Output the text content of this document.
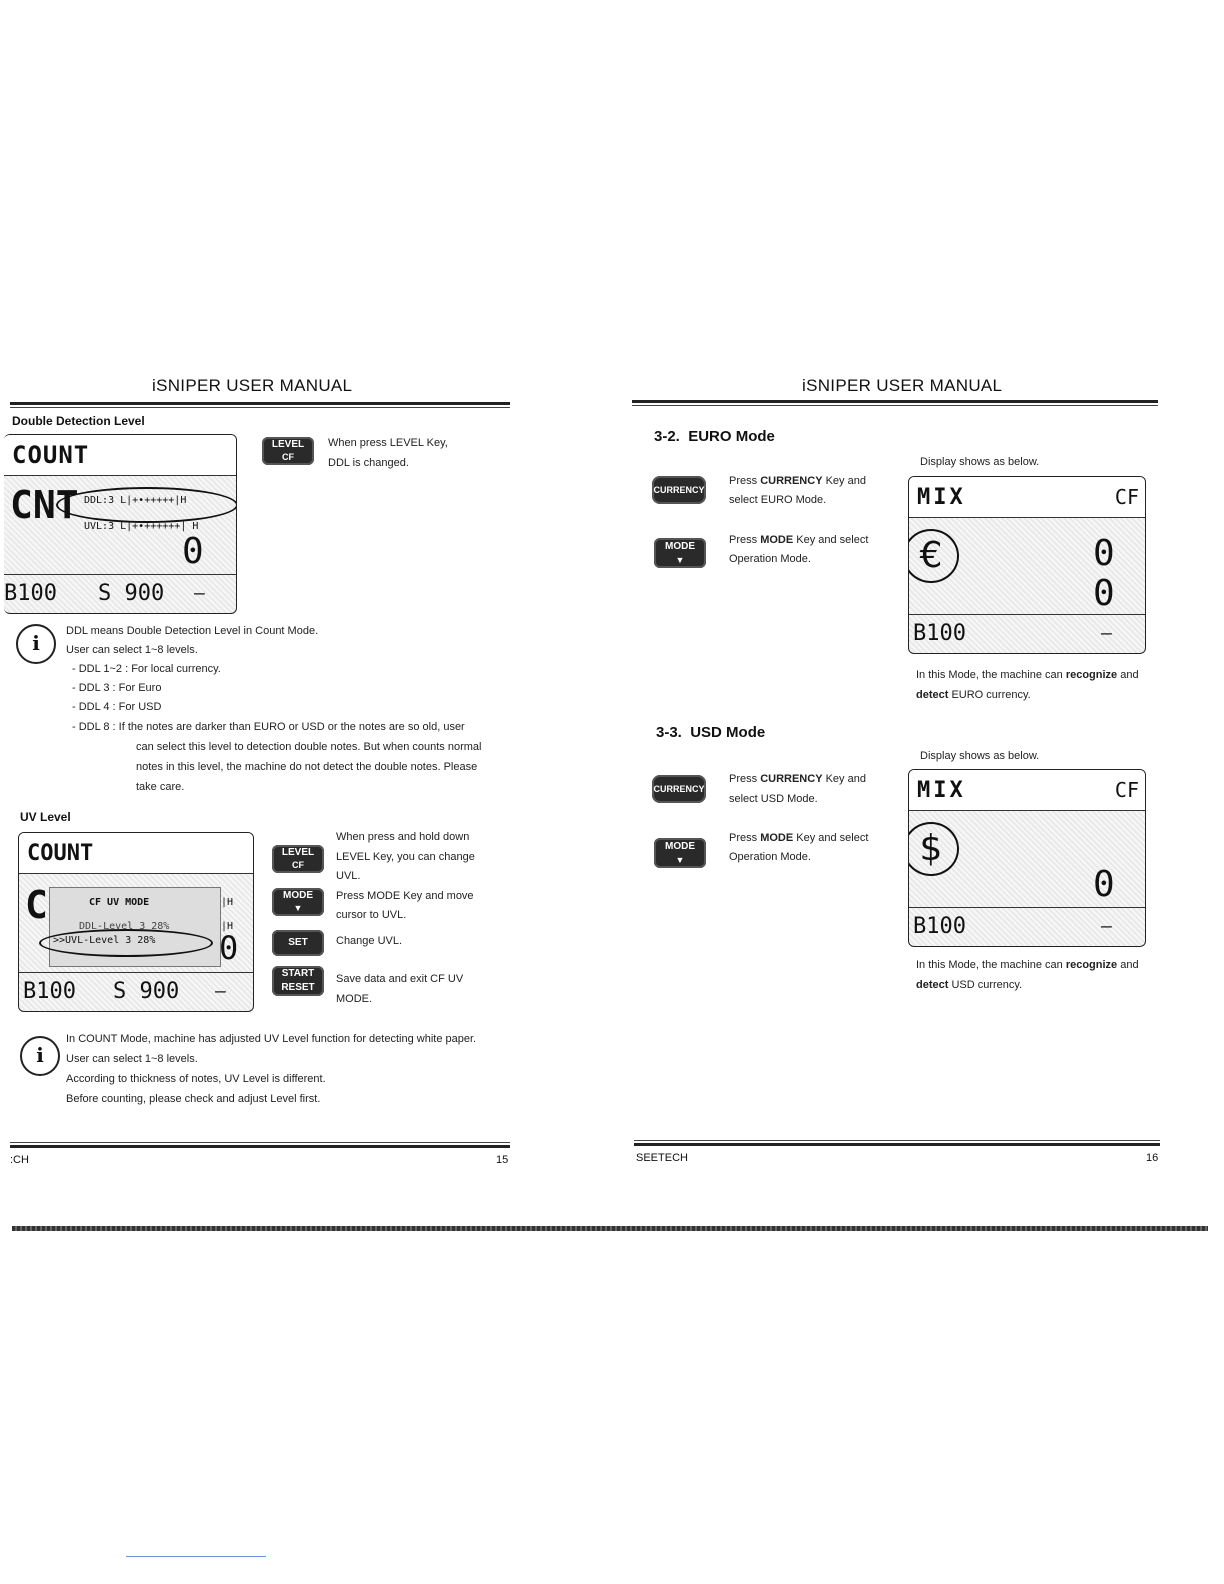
iSNIPER USER MANUAL
Double Detection Level
COUNT
CNT DDL:3 L|+•+++++|H
UVL:3 L|+•++++++| H
0
B100 S 900 —
LEVEL
CF
When press LEVEL Key,
DDL is changed.
i	DDL means Double Detection Level in Count Mode.
User can select 1~8 levels.
- DDL 1~2 : For local currency.
- DDL 3 : For Euro
- DDL 4 : For USD
- DDL 8 : If the notes are darker than EURO or USD or the notes are so old, user
can select this level to detection double notes. But when counts normal
notes in this level, the machine do not detect the double notes. Please
take care.
UV Level
COUNT
C	CF UV MODE
DDL-Level 3 28%
>>UVL-Level 3 28%
|H
|H
0
B100 S 900 —
LEVEL
CF
MODE
▼
SET
START
RESET
When press and hold down
LEVEL Key, you can change
UVL.
Press MODE Key and move
cursor to UVL.
Change UVL.
Save data and exit CF UV
MODE.
i
In COUNT Mode, machine has adjusted UV Level function for detecting white paper.
User can select 1~8 levels.
According to thickness of notes, UV Level is different.
Before counting, please check and adjust Level first.
:CH	15
iSNIPER USER MANUAL
3-2. EURO Mode
Display shows as below.
CURRENCY
Press CURRENCY Key and
select EURO Mode.
MODE
▼
Press MODE Key and select
Operation Mode.
MIX	CF
€	0
0
B100	—
In this Mode, the machine can recognize and
detect EURO currency.
3-3. USD Mode
Display shows as below.
CURRENCY
Press CURRENCY Key and
select USD Mode.
MODE
▼
Press MODE Key and select
Operation Mode.
MIX	CF
$
0
B100	—
In this Mode, the machine can recognize and
detect USD currency.
SEETECH	16
